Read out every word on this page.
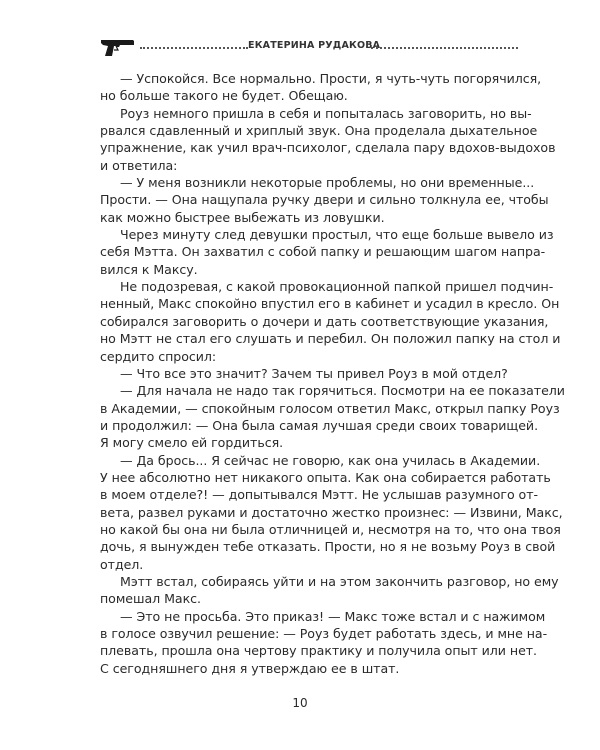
ЕКАТЕРИНА РУДАКОВА
— Успокойся. Все нормально. Прости, я чуть-чуть погорячился,
но больше такого не будет. Обещаю.
Роуз немного пришла в себя и попыталась заговорить, но вы-
рвался сдавленный и хриплый звук. Она проделала дыхательное
упражнение, как учил врач-психолог, сделала пару вдохов-выдохов
и ответила:
— У меня возникли некоторые проблемы, но они временные...
Прости. — Она нащупала ручку двери и сильно толкнула ее, чтобы
как можно быстрее выбежать из ловушки.
Через минуту след девушки простыл, что еще больше вывело из
себя Мэтта. Он захватил с собой папку и решающим шагом напра-
вился к Максу.
Не подозревая, с какой провокационной папкой пришел подчин-
ненный, Макс спокойно впустил его в кабинет и усадил в кресло. Он
собирался заговорить о дочери и дать соответствующие указания,
но Мэтт не стал его слушать и перебил. Он положил папку на стол и
сердито спросил:
— Что все это значит? Зачем ты привел Роуз в мой отдел?
— Для начала не надо так горячиться. Посмотри на ее показатели
в Академии, — спокойным голосом ответил Макс, открыл папку Роуз
и продолжил: — Она была самая лучшая среди своих товарищей.
Я могу смело ей гордиться.
— Да брось... Я сейчас не говорю, как она училась в Академии.
У нее абсолютно нет никакого опыта. Как она собирается работать
в моем отделе?! — допытывался Мэтт. Не услышав разумного от-
вета, развел руками и достаточно жестко произнес: — Извини, Макс,
но какой бы она ни была отличницей и, несмотря на то, что она твоя
дочь, я вынужден тебе отказать. Прости, но я не возьму Роуз в свой
отдел.
Мэтт встал, собираясь уйти и на этом закончить разговор, но ему
помешал Макс.
— Это не просьба. Это приказ! — Макс тоже встал и с нажимом
в голосе озвучил решение: — Роуз будет работать здесь, и мне на-
плевать, прошла она чертову практику и получила опыт или нет.
С сегодняшнего дня я утверждаю ее в штат.
10
